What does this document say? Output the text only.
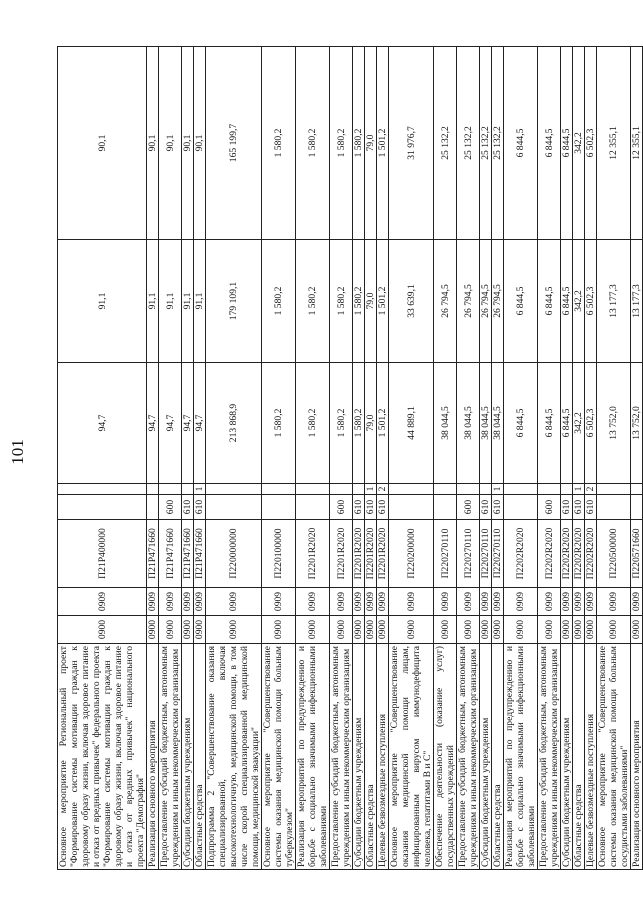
101
Основное мероприятие Региональный проект "Формирование системы мотивации граждан к здоровому образу жизни, включая здоровое питание и отказ от вредных привычек" федерального проекта "Формирование системы мотивации граждан к здоровому образу жизни, включая здоровое питание и отказ от вредных привычек" национального проекта "Демография"	0900	0909	П21Р400000			94,7	91,1	90,1
Реализация основного мероприятия	0900	0909	П21Р471660			94,7	91,1	90,1
Предоставление субсидий бюджетным, автономным учреждениям и иным некоммерческим организациям	0900	0909	П21Р471660	600		94,7	91,1	90,1
Субсидии бюджетным учреждениям	0900	0909	П21Р471660	610		94,7	91,1	90,1
Областные средства	0900	0909	П21Р471660	610	1	94,7	91,1	90,1
Подпрограмма 2 "Совершенствование оказания специализированной, включая высокотехнологичную, медицинской помощи, в том числе скорой специализированной медицинской помощи, медицинской эвакуации"	0900	0909	П220000000			213 868,9	179 109,1	165 199,7
Основное мероприятие "Совершенствование системы оказания медицинской помощи больным туберкулезом"	0900	0909	П220100000			1 580,2	1 580,2	1 580,2
Реализация мероприятий по предупреждению и борьбе с социально значимыми инфекционными заболеваниями	0900	0909	П2201R2020			1 580,2	1 580,2	1 580,2
Предоставление субсидий бюджетным, автономным учреждениям и иным некоммерческим организациям	0900	0909	П2201R2020	600		1 580,2	1 580,2	1 580,2
Субсидии бюджетным учреждениям	0900	0909	П2201R2020	610		1 580,2	1 580,2	1 580,2
Областные средства	0900	0909	П2201R2020	610	1	79,0	79,0	79,0
Целевые безвозмездные поступления	0900	0909	П2201R2020	610	2	1 501,2	1 501,2	1 501,2
Основное мероприятие "Совершенствование оказания медицинской помощи лицам, инфицированным вирусом иммунодефицита человека, гепатитами В и С"	0900	0909	П220200000			44 889,1	33 639,1	31 976,7
Обеспечение деятельности (оказание услуг) государственных учреждений	0900	0909	П220270110			38 044,5	26 794,5	25 132,2
Предоставление субсидий бюджетным, автономным учреждениям и иным некоммерческим организациям	0900	0909	П220270110	600		38 044,5	26 794,5	25 132,2
Субсидии бюджетным учреждениям	0900	0909	П220270110	610		38 044,5	26 794,5	25 132,2
Областные средства	0900	0909	П220270110	610	1	38 044,5	26 794,5	25 132,2
Реализация мероприятий по предупреждению и борьбе с социально значимыми инфекционными заболеваниями	0900	0909	П2202R2020			6 844,5	6 844,5	6 844,5
Предоставление субсидий бюджетным, автономным учреждениям и иным некоммерческим организациям	0900	0909	П2202R2020	600		6 844,5	6 844,5	6 844,5
Субсидии бюджетным учреждениям	0900	0909	П2202R2020	610		6 844,5	6 844,5	6 844,5
Областные средства	0900	0909	П2202R2020	610	1	342,2	342,2	342,2
Целевые безвозмездные поступления	0900	0909	П2202R2020	610	2	6 502,3	6 502,3	6 502,3
Основное мероприятие "Совершенствование системы оказания медицинской помощи больным сосудистыми заболеваниями"	0900	0909	П220500000			13 752,0	13 177,3	12 355,1
Реализация основного мероприятия	0900	0909	П220571660			13 752,0	13 177,3	12 355,1
